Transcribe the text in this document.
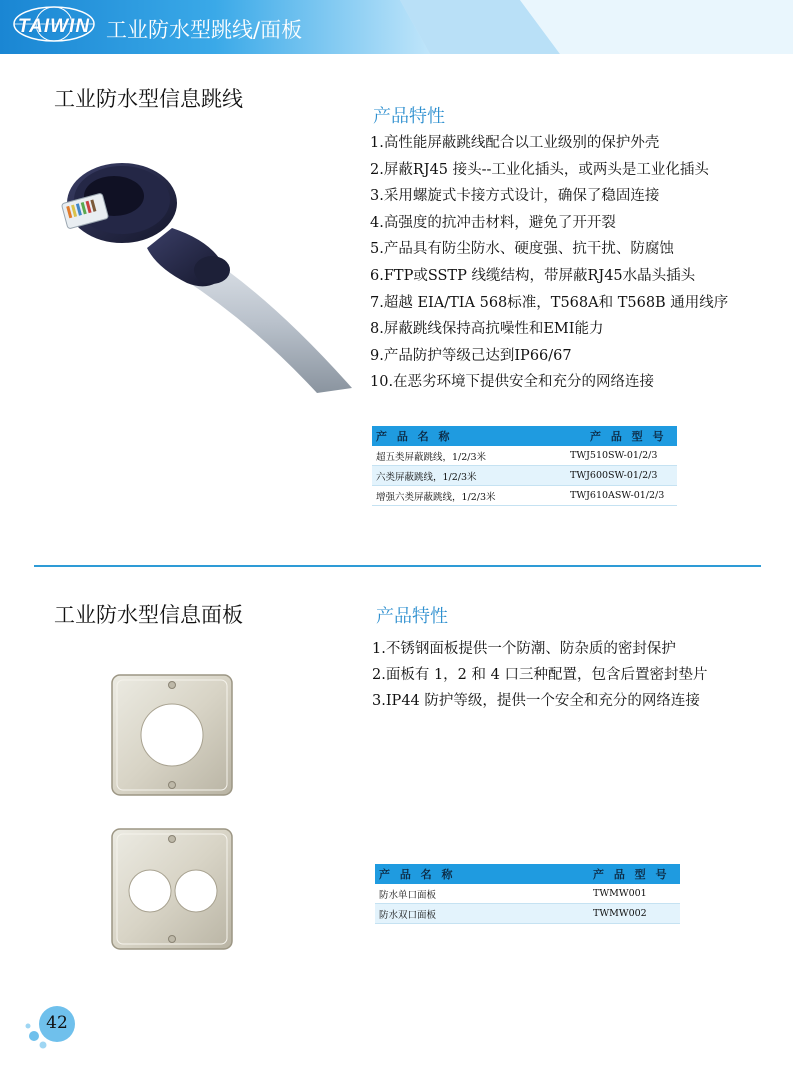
TAIWIN 工业防水型跳线/面板
工业防水型信息跳线
产品特性
1.高性能屏蔽跳线配合以工业级别的保护外壳
2.屏蔽RJ45 接头--工业化插头，或两头是工业化插头
3.采用螺旋式卡接方式设计，确保了稳固连接
4.高强度的抗冲击材料，避免了开开裂
5.产品具有防尘防水、硬度强、抗干扰、防腐蚀
6.FTP或SSTP 线缆结构，带屏蔽RJ45水晶头插头
7.超越 EIA/TIA 568标准，T568A和 T568B 通用线序
8.屏蔽跳线保持高抗噪性和EMI能力
9.产品防护等级己达到IP66/67
10.在恶劣环境下提供安全和充分的网络连接
产 品 名 称	产 品 型 号
超五类屏蔽跳线，1/2/3米	TWJ510SW-01/2/3
六类屏蔽跳线，1/2/3米	TWJ600SW-01/2/3
增强六类屏蔽跳线，1/2/3米	TWJ610ASW-01/2/3
工业防水型信息面板	产品特性
1.不锈钢面板提供一个防潮、防杂质的密封保护
2.面板有 1，2 和 4 口三种配置，包含后置密封垫片
3.IP44 防护等级，提供一个安全和充分的网络连接
产 品 名 称	产 品 型 号
防水单口面板	TWMW001
防水双口面板	TWMW002
42
